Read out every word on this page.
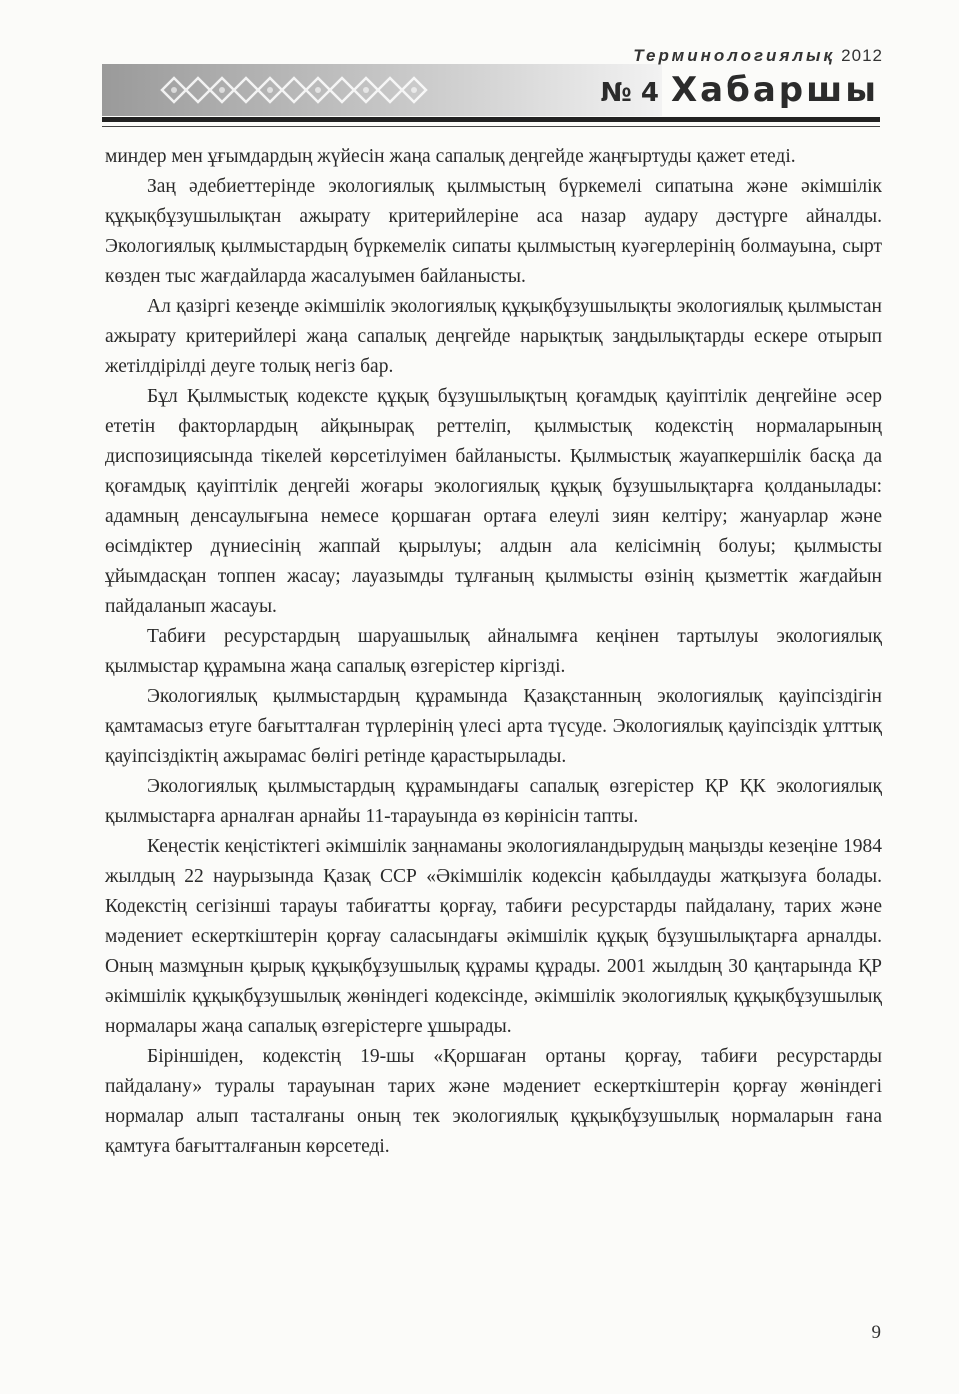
Терминологиялық 2012
№ 4 Хабаршы

миндер мен ұғымдардың жүйесін жаңа сапалық деңгейде жаңғыртуды қажет етеді.

Заң әдебиеттерінде экологиялық қылмыстың бүркемелі сипатына және әкімшілік құқықбұзушылықтан ажырату критерийлеріне аса назар аудару дәстүрге айналды. Экологиялық қылмыстардың бүркемелік сипаты қылмыстың куәгерлерінің болмауына, сырт көзден тыс жағдайларда жасалуымен байланысты.

Ал қазіргі кезеңде әкімшілік экологиялық құқықбұзушылықты экологиялық қылмыстан ажырату критерийлері жаңа сапалық деңгейде нарықтық заңдылықтарды ескере отырып жетілдірілді деуге толық негіз бар.

Бұл Қылмыстық кодексте құқық бұзушылықтың қоғамдық қауіптілік деңгейіне әсер ететін факторлардың айқынырақ реттеліп, қылмыстық кодекстің нормаларының диспозициясында тікелей көрсетілуімен байланысты. Қылмыстық жауапкершілік басқа да қоғамдық қауіптілік деңгейі жоғары экологиялық құқық бұзушылықтарға қолданылады: адамның денсаулығына немесе қоршаған ортаға елеулі зиян келтіру; жануарлар және өсімдіктер дүниесінің жаппай қырылуы; алдын ала келісімнің болуы; қылмысты ұйымдасқан топпен жасау; лауазымды тұлғаның қылмысты өзінің қызметтік жағдайын пайдаланып жасауы.

Табиғи ресурстардың шаруашылық айналымға кеңінен тартылуы экологиялық қылмыстар құрамына жаңа сапалық өзгерістер кіргізді.

Экологиялық қылмыстардың құрамында Қазақстанның экологиялық қауіпсіздігін қамтамасыз етуге бағытталған түрлерінің үлесі арта түсуде. Экологиялық қауіпсіздік ұлттық қауіпсіздіктің ажырамас бөлігі ретінде қарастырылады.

Экологиялық қылмыстардың құрамындағы сапалық өзгерістер ҚР ҚК экологиялық қылмыстарға арналған арнайы 11-тарауында өз көрінісін тапты.

Кеңестік кеңістіктегі әкімшілік заңнаманы экологияландырудың маңызды кезеңіне 1984 жылдың 22 наурызында Қазақ ССР «Әкімшілік кодексін қабылдауды жатқызуға болады. Кодекстің сегізінші тарауы табиғатты қорғау, табиғи ресурстарды пайдалану, тарих және мәдениет ескерткіштерін қорғау саласындағы әкімшілік құқық бұзушылықтарға арналды. Оның мазмұнын қырық құқықбұзушылық құрамы құрады. 2001 жылдың 30 қаңтарында ҚР әкімшілік құқықбұзушылық жөніндегі кодексінде, әкімшілік экологиялық құқықбұзушылық нормалары жаңа сапалық өзгерістерге ұшырады.

Біріншіден, кодекстің 19-шы «Қоршаған ортаны қорғау, табиғи ресурстарды пайдалану» туралы тарауынан тарих және мәдениет ескерткіштерін қорғау жөніндегі нормалар алып тасталғаны оның тек экологиялық құқықбұзушылық нормаларын ғана қамтуға бағытталғанын көрсетеді.

9
